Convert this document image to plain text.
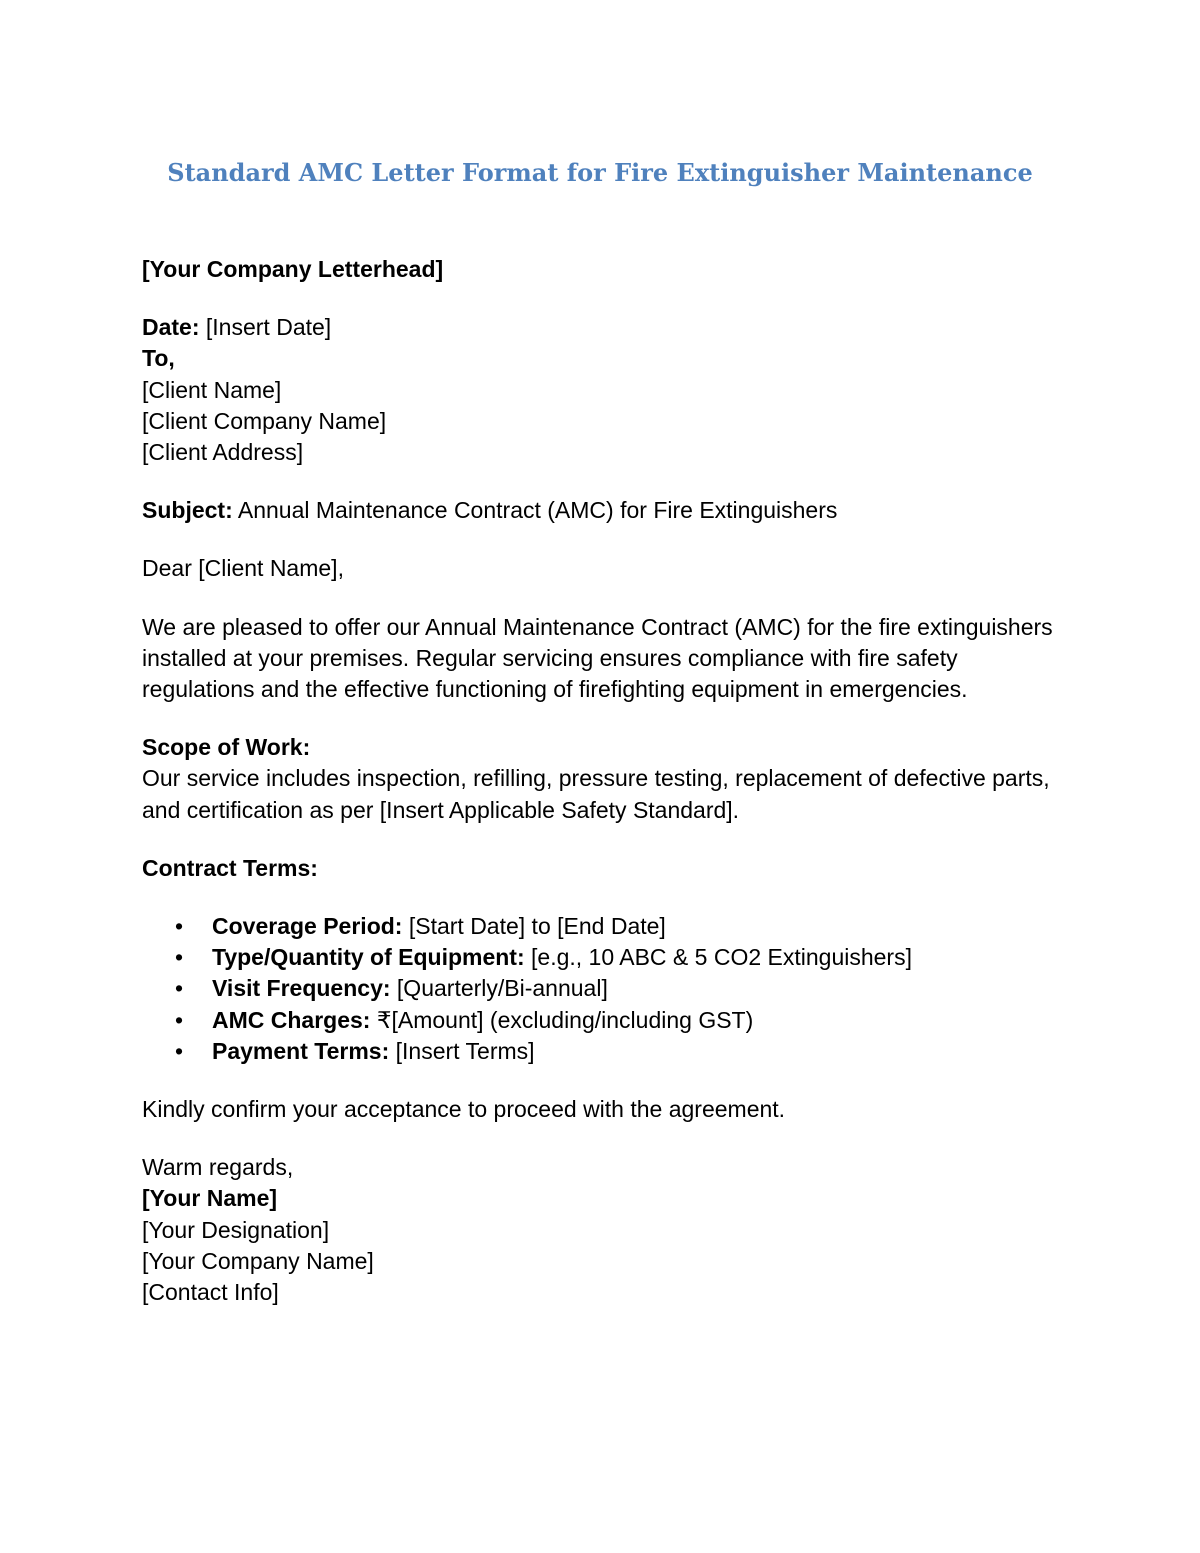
Standard AMC Letter Format for Fire Extinguisher Maintenance

[Your Company Letterhead]

Date: [Insert Date]

To,

[Client Name]

[Client Company Name]

[Client Address]

Subject: Annual Maintenance Contract (AMC) for Fire Extinguishers

Dear [Client Name],

We are pleased to offer our Annual Maintenance Contract (AMC) for the fire extinguishers installed at your premises. Regular servicing ensures compliance with fire safety regulations and the effective functioning of firefighting equipment in emergencies.

Scope of Work:

Our service includes inspection, refilling, pressure testing, replacement of defective parts, and certification as per [Insert Applicable Safety Standard].

Contract Terms:

• Coverage Period: [Start Date] to [End Date]
• Type/Quantity of Equipment: [e.g., 10 ABC & 5 CO2 Extinguishers]
• Visit Frequency: [Quarterly/Bi-annual]
• AMC Charges: ₹[Amount] (excluding/including GST)
• Payment Terms: [Insert Terms]

Kindly confirm your acceptance to proceed with the agreement.

Warm regards,

[Your Name]

[Your Designation]

[Your Company Name]

[Contact Info]
